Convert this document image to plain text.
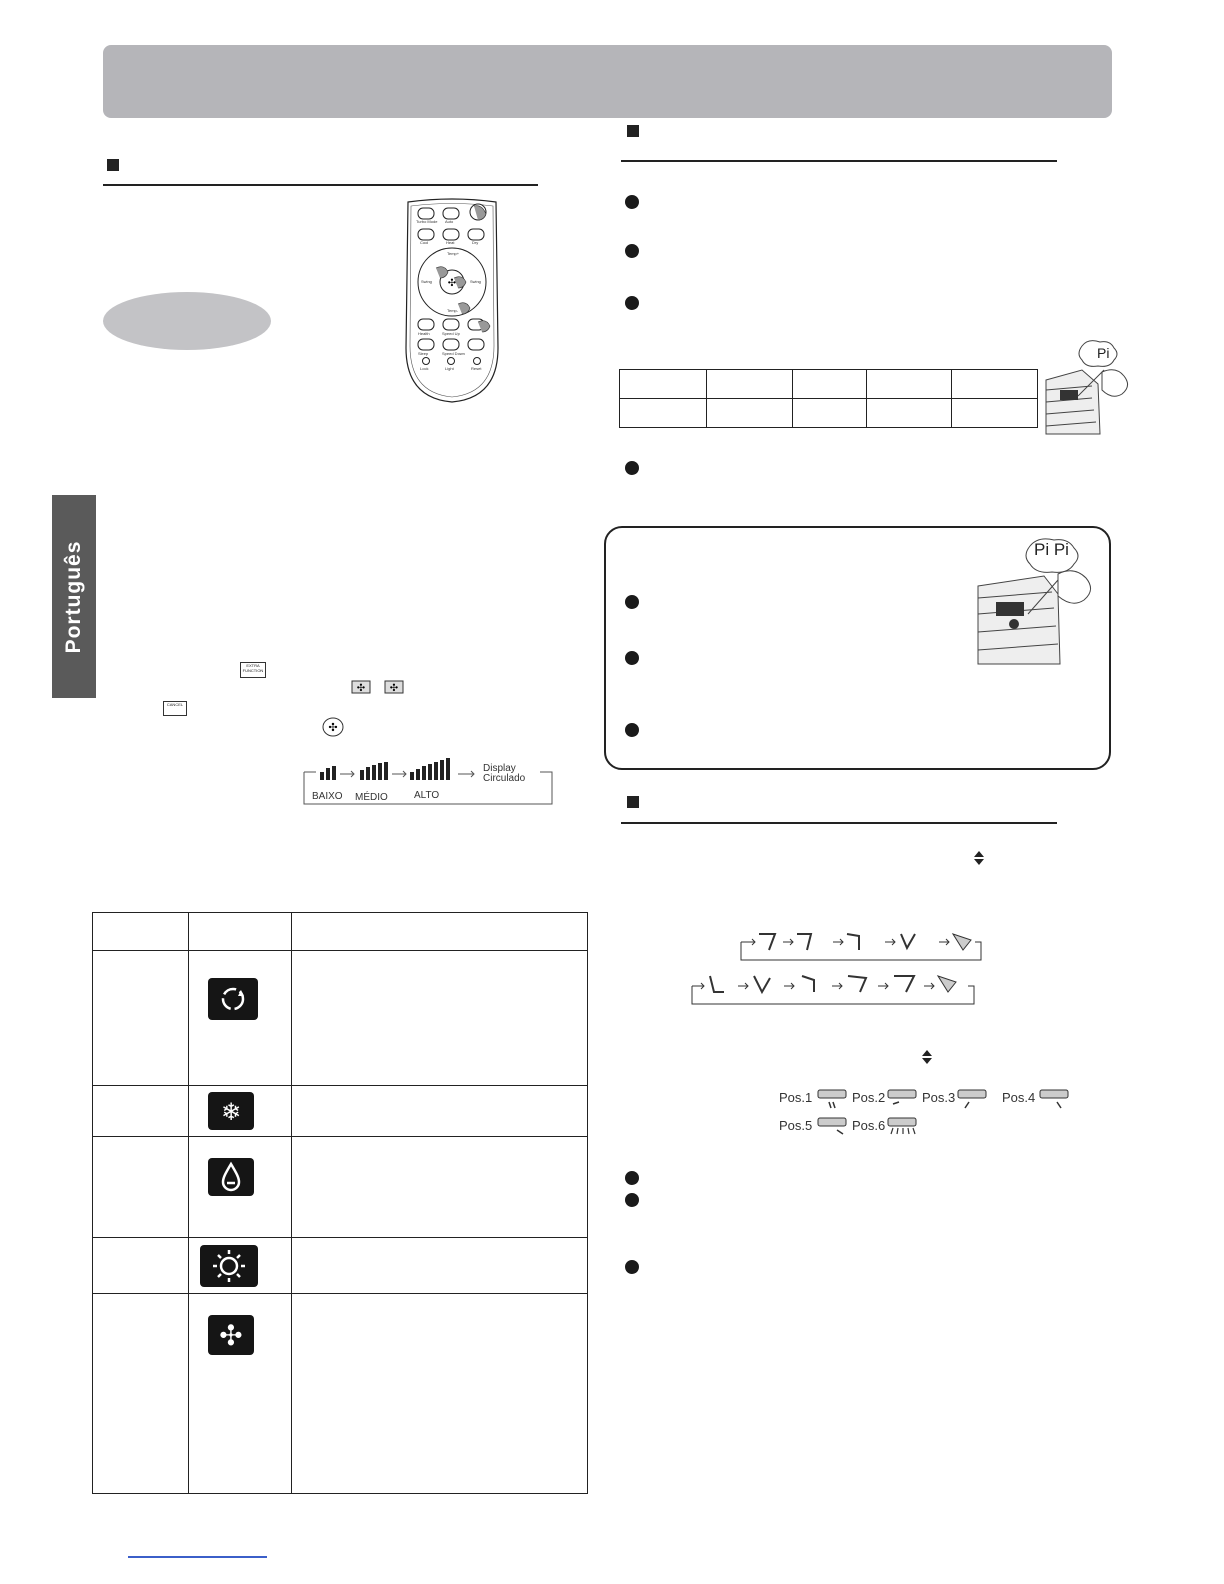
Português
✣
Turbo Mode Auto
Cool	Heat	Dry
Swing	Swing
Temp+
Temp-
Health	Speed Up
Sleep	Speed Down
Lock	Light	Reset
EXTRA FUNCTION
✣ ✣
CANCEL
✣
BAIXO MÉDIO	ALTO
Display
Circulado

❄	

✣	

Pi
Pi Pi
Pos.1	Pos.2	Pos.3	Pos.4
Pos.5	Pos.6
